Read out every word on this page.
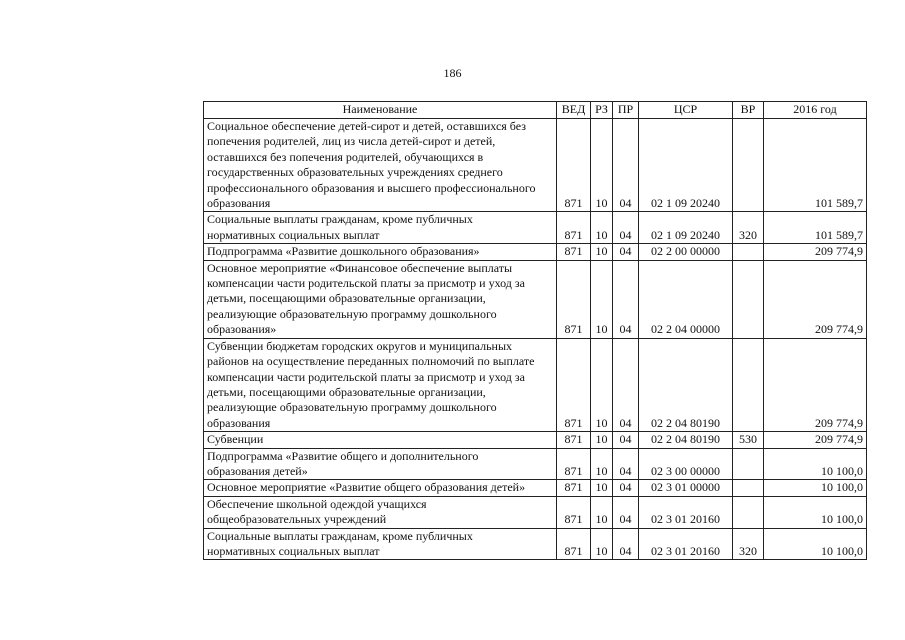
186
Наименование	ВЕД	РЗ	ПР	ЦСР	ВР	2016 год

Социальное обеспечение детей-сирот и детей, оставшихся без попечения родителей, лиц из числа детей-сирот и детей, оставшихся без попечения родителей, обучающихся в государственных образовательных учреждениях среднего профессионального образования и высшего профессионального образования	871	10	04	02 1 09 20240		101 589,7

Социальные выплаты гражданам, кроме публичных нормативных социальных выплат	871	10	04	02 1 09 20240	320	101 589,7

Подпрограмма «Развитие дошкольного образования»	871	10	04	02 2 00 00000		209 774,9

Основное мероприятие «Финансовое обеспечение выплаты компенсации части родительской платы за присмотр и уход за детьми, посещающими образовательные организации, реализующие образовательную программу дошкольного образования»	871	10	04	02 2 04 00000		209 774,9

Субвенции бюджетам городских округов и муниципальных районов на осуществление переданных полномочий по выплате компенсации части родительской платы за присмотр и уход за детьми, посещающими образовательные организации, реализующие образовательную программу дошкольного образования	871	10	04	02 2 04 80190		209 774,9

Субвенции	871	10	04	02 2 04 80190	530	209 774,9

Подпрограмма «Развитие общего и дополнительного образования детей»	871	10	04	02 3 00 00000		10 100,0

Основное мероприятие «Развитие общего образования детей»	871	10	04	02 3 01 00000		10 100,0

Обеспечение школьной одеждой учащихся общеобразовательных учреждений	871	10	04	02 3 01 20160		10 100,0

Социальные выплаты гражданам, кроме публичных нормативных социальных выплат	871	10	04	02 3 01 20160	320	10 100,0
